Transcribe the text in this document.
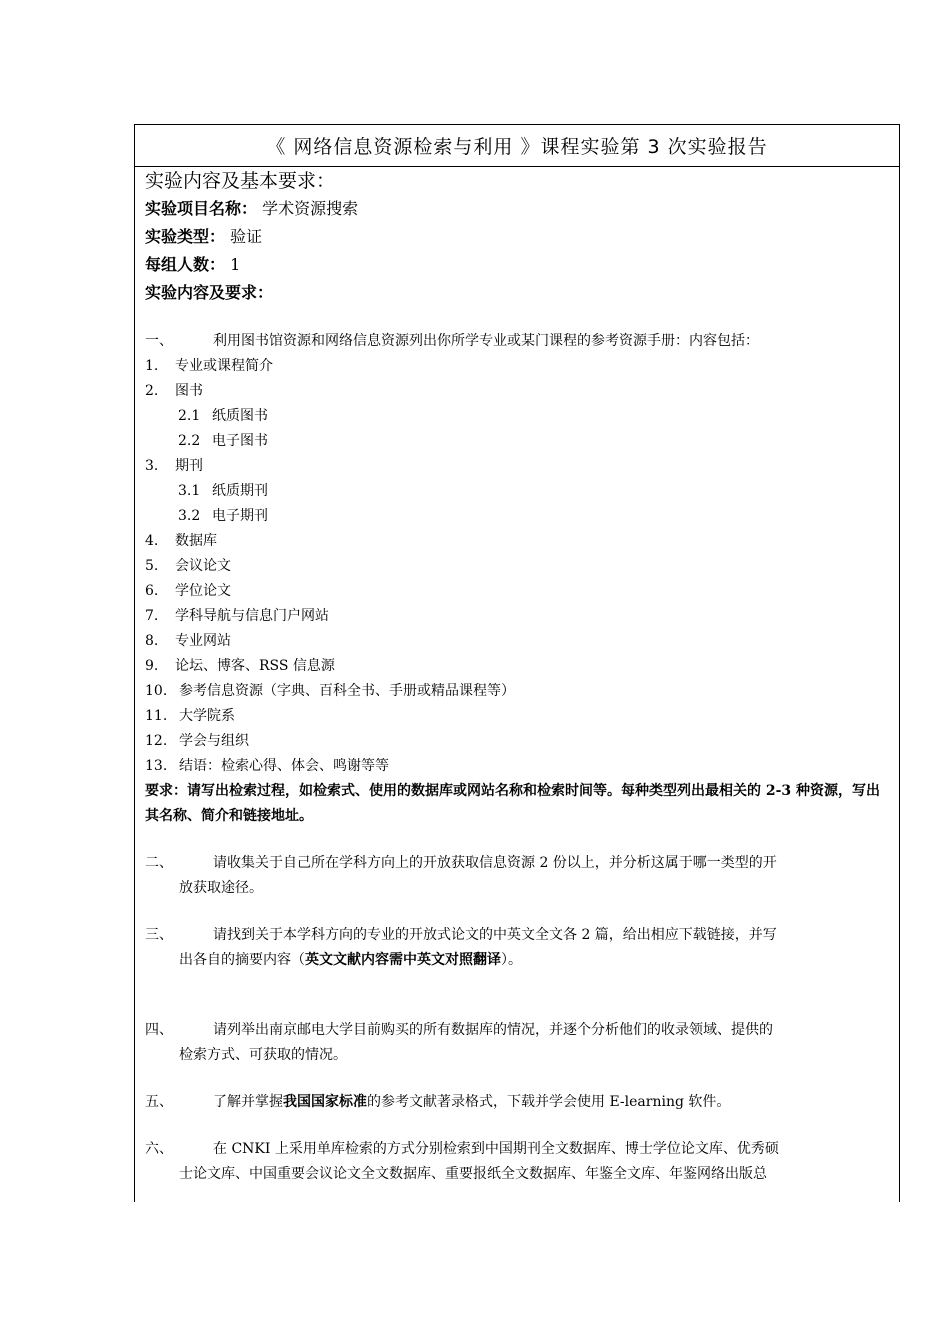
《 网络信息资源检索与利用 》课程实验第 3 次实验报告
实验内容及基本要求：
实验项目名称： 学术资源搜索
实验类型： 验证
每组人数： 1
实验内容及要求：
一、	利用图书馆资源和网络信息资源列出你所学专业或某门课程的参考资源手册：内容包括：
1.	专业或课程简介
2.	图书
2.1 纸质图书
2.2 电子图书
3.	期刊
3.1 纸质期刊
3.2 电子期刊
4.	数据库
5.	会议论文
6.	学位论文
7.	学科导航与信息门户网站
8.	专业网站
9.	论坛、博客、RSS 信息源
10. 参考信息资源（字典、百科全书、手册或精品课程等）
11. 大学院系
12. 学会与组织
13. 结语：检索心得、体会、鸣谢等等
要求：请写出检索过程，如检索式、使用的数据库或网站名称和检索时间等。每种类型列出最相关的 2-3 种资源，写出其名称、简介和链接地址。
二、	请收集关于自己所在学科方向上的开放获取信息资源 2 份以上，并分析这属于哪一类型的开
放获取途径。
三、	请找到关于本学科方向的专业的开放式论文的中英文全文各 2 篇，给出相应下载链接，并写
出各自的摘要内容（英文文献内容需中英文对照翻译）。
四、	请列举出南京邮电大学目前购买的所有数据库的情况，并逐个分析他们的收录领域、提供的
检索方式、可获取的情况。
五、	了解并掌握我国国家标准的参考文献著录格式，下载并学会使用 E-learning 软件。
六、	在 CNKI 上采用单库检索的方式分别检索到中国期刊全文数据库、博士学位论文库、优秀硕
士论文库、中国重要会议论文全文数据库、重要报纸全文数据库、年鉴全文库、年鉴网络出版总
